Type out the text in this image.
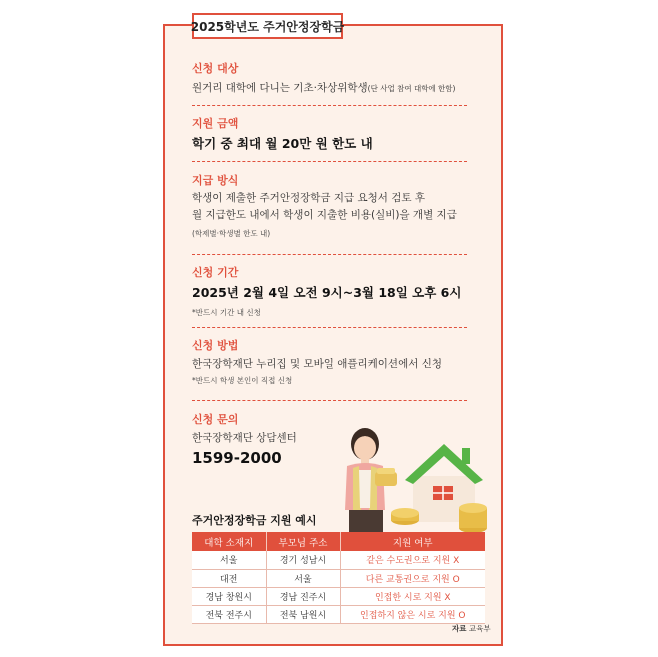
2025학년도 주거안정장학금
신청 대상
원거리 대학에 다니는 기초·차상위학생(단 사업 참여 대학에 한함)
지원 금액
학기 중 최대 월 20만 원 한도 내
지급 방식
학생이 제출한 주거안정장학금 지급 요청서 검토 후
월 지급한도 내에서 학생이 지출한 비용(실비)을 개별 지급
(학제별·학생별 한도 내)
신청 기간
2025년 2월 4일 오전 9시~3월 18일 오후 6시
*반드시 기간 내 신청
신청 방법
한국장학재단 누리집 및 모바일 애플리케이션에서 신청
*반드시 학생 본인이 직접 신청
신청 문의
한국장학재단 상담센터
1599-2000
주거안정장학금 지원 예시
대학 소재지	부모님 주소	지원 여부
서울	경기 성남시	같은 수도권으로 지원 X
대전	서울	다른 교통권으로 지원 O
경남 창원시	경남 진주시	인접한 시로 지원 X
전북 전주시	전북 남원시	인접하지 않은 시로 지원 O
자료 교육부
